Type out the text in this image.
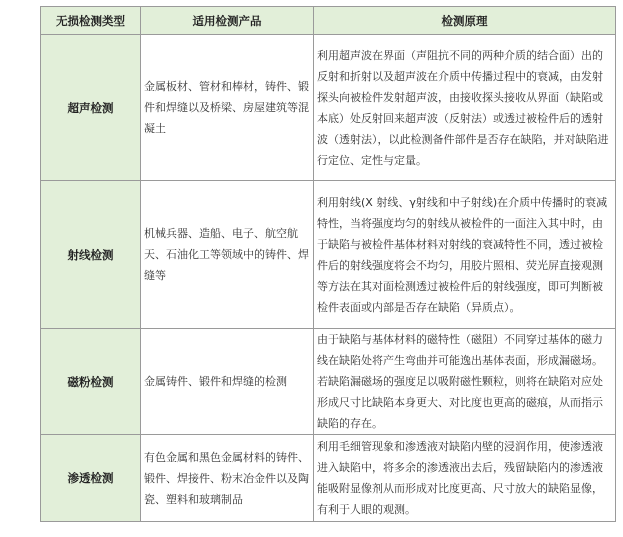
无损检测类型	适用检测产品	检测原理
超声检测	金属板材、管材和棒材，铸件、锻件和焊缝以及桥梁、房屋建筑等混凝土	利用超声波在界面（声阻抗不同的两种介质的结合面）出的反射和折射以及超声波在介质中传播过程中的衰减，由发射探头向被检件发射超声波，由接收探头接收从界面（缺陷或本底）处反射回来超声波（反射法）或透过被检件后的透射波（透射法），以此检测备件部件是否存在缺陷，并对缺陷进行定位、定性与定量。
射线检测	机械兵器、造船、电子、航空航天、石油化工等领域中的铸件、焊缝等	利用射线(X 射线、γ射线和中子射线)在介质中传播时的衰减特性，当将强度均匀的射线从被检件的一面注入其中时，由于缺陷与被检件基体材料对射线的衰减特性不同，透过被检件后的射线强度将会不均匀，用胶片照相、荧光屏直接观测等方法在其对面检测透过被检件后的射线强度，即可判断被检件表面或内部是否存在缺陷（异质点）。
磁粉检测	金属铸件、锻件和焊缝的检测	由于缺陷与基体材料的磁特性（磁阻）不同穿过基体的磁力线在缺陷处将产生弯曲并可能逸出基体表面，形成漏磁场。若缺陷漏磁场的强度足以吸附磁性颗粒，则将在缺陷对应处形成尺寸比缺陷本身更大、对比度也更高的磁痕，从而指示缺陷的存在。
渗透检测	有色金属和黑色金属材料的铸件、锻件、焊接件、粉末冶金件以及陶瓷、塑料和玻璃制品	利用毛细管现象和渗透液对缺陷内壁的浸润作用，使渗透液进入缺陷中，将多余的渗透液出去后，残留缺陷内的渗透液能吸附显像剂从而形成对比度更高、尺寸放大的缺陷显像，有利于人眼的观测。
